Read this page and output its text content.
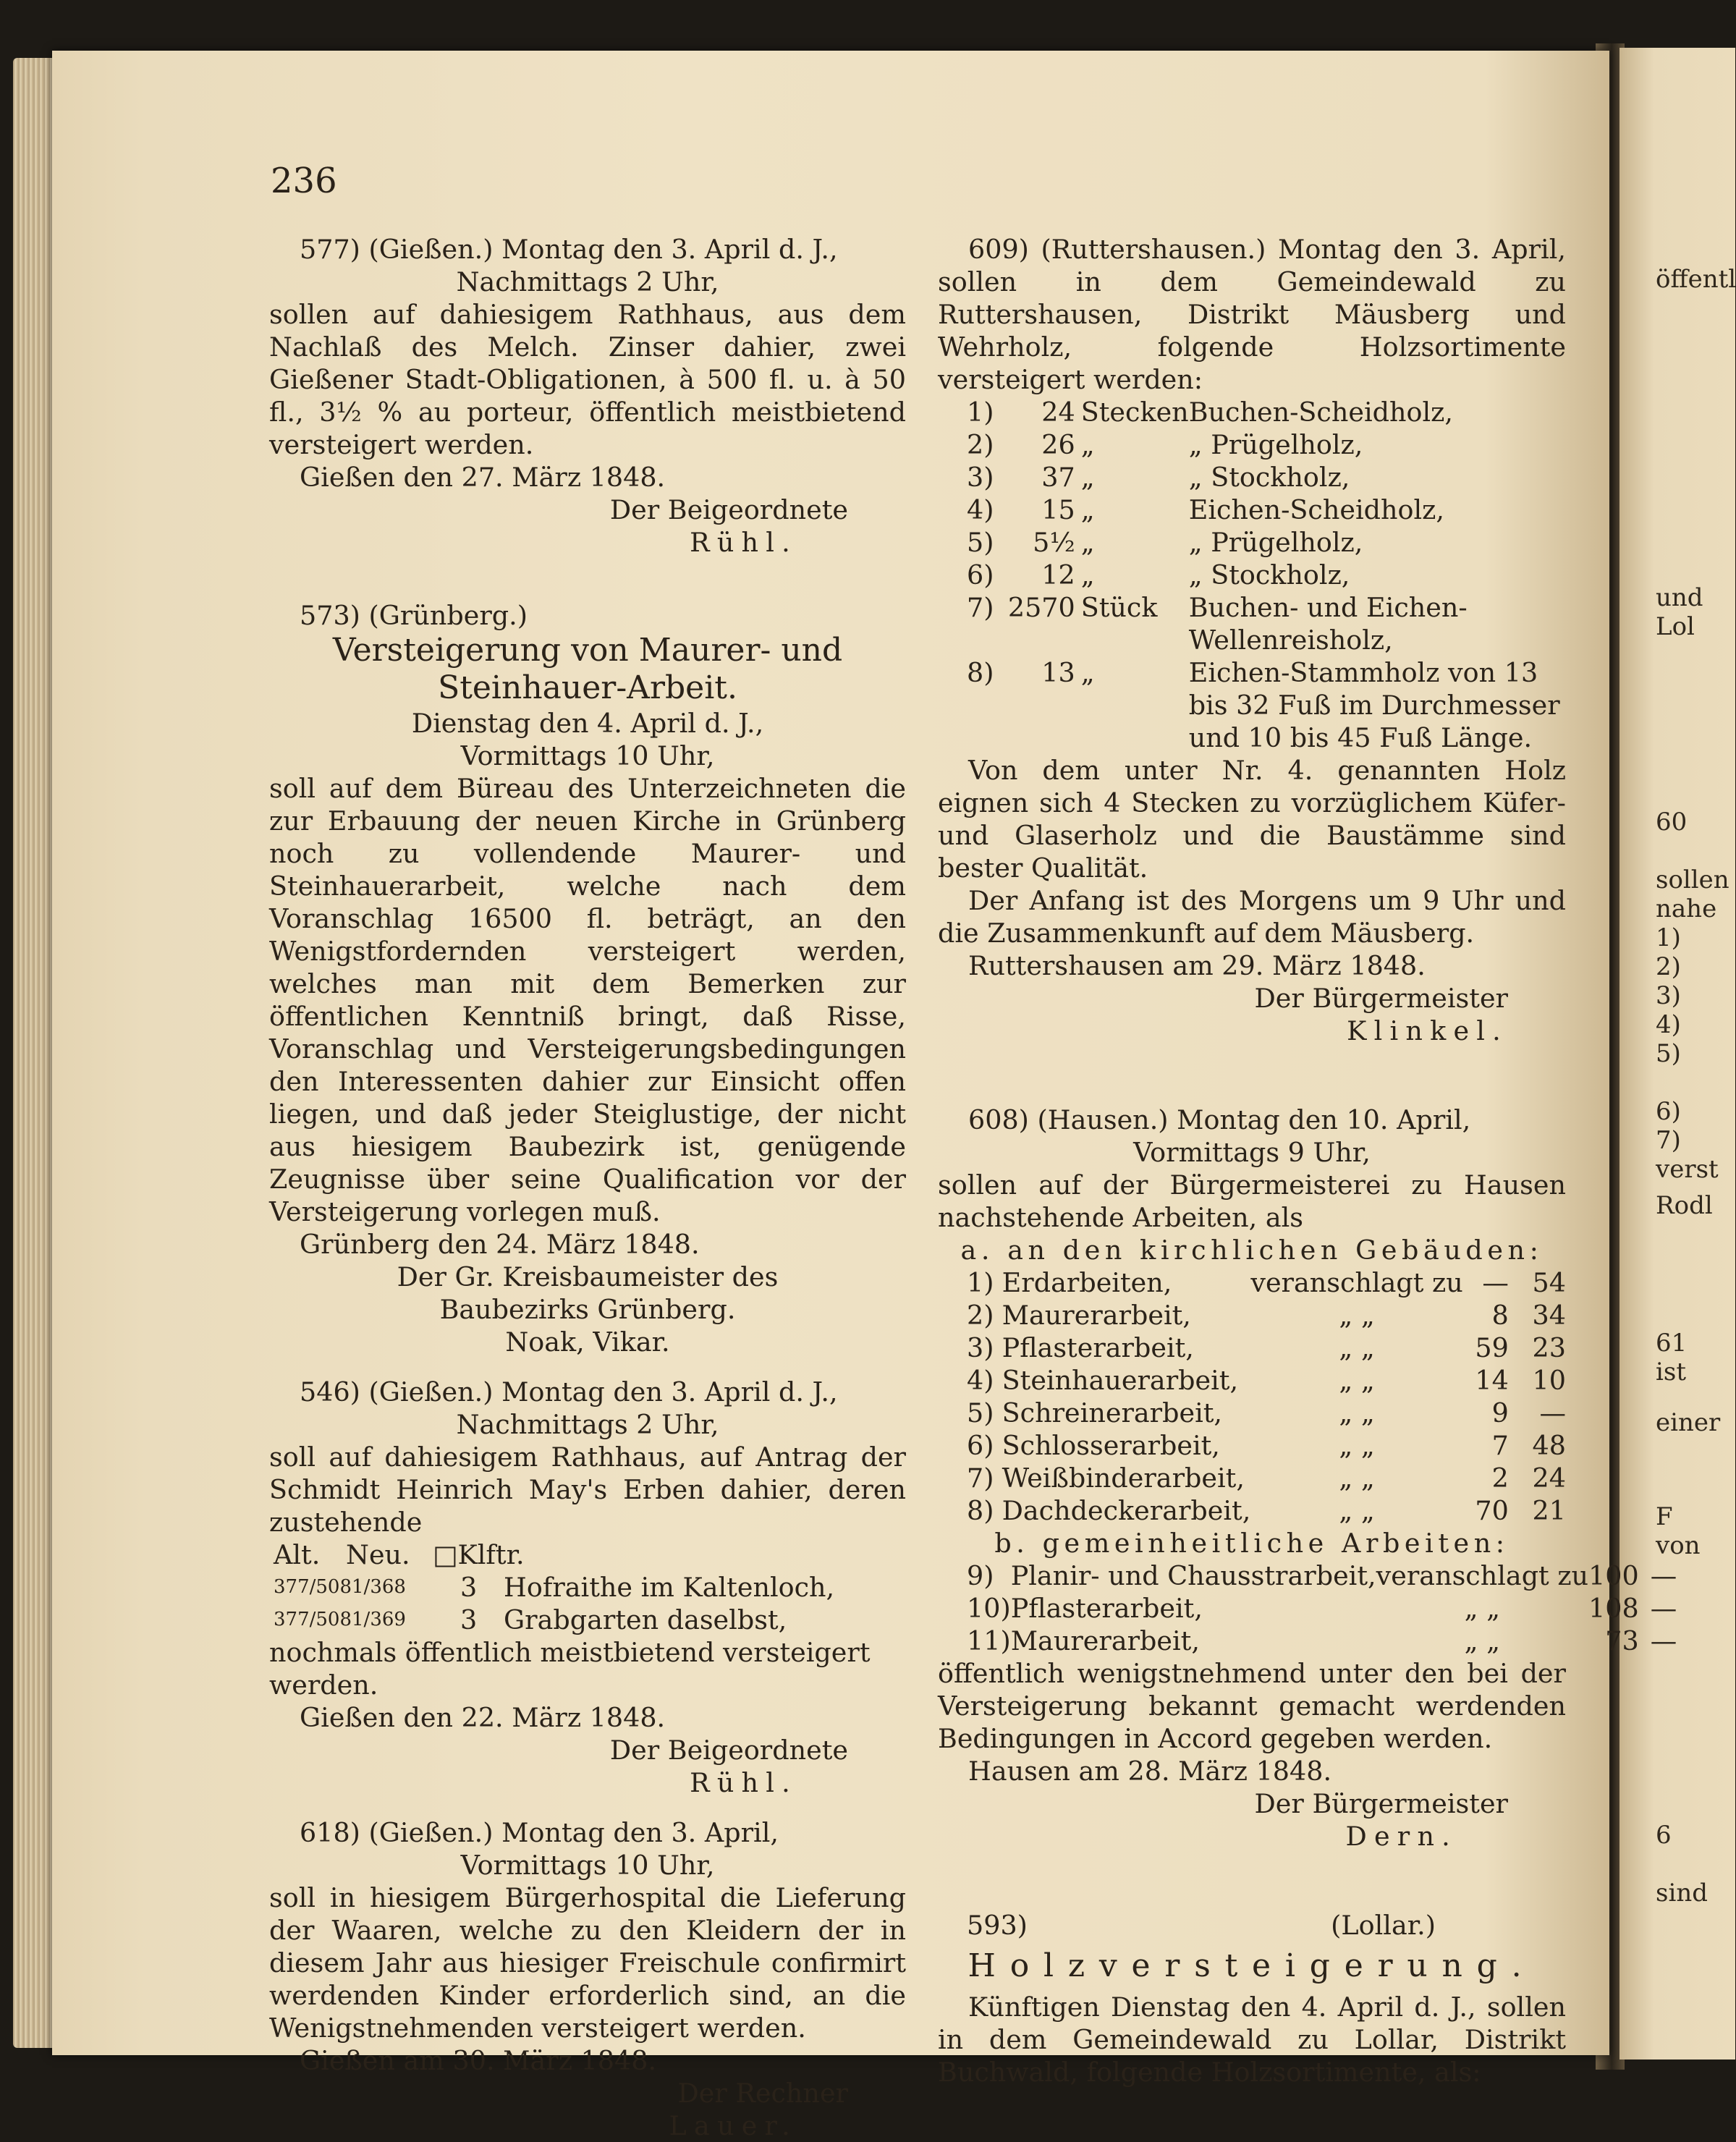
öffentl
und
Lol
60
sollen
nahe
1)
2)
3)
4)
5)
6)
7)
verst
Rodl
61
ist
einer
F
von
6
sind
236

577) (Gießen.) Montag den 3. April d. J.,

Nachmittags 2 Uhr,

sollen auf dahiesigem Rathhaus, aus dem Nachlaß des Melch. Zinser dahier, zwei Gießener Stadt-Obligationen, à 500 fl. u. à 50 fl., 3½ % au porteur, öffentlich meistbietend versteigert werden.

Gießen den 27. März 1848.

Der Beigeordnete

Rühl.

573) (Grünberg.)

Versteigerung von Maurer- und Steinhauer-Arbeit.

Dienstag den 4. April d. J.,

Vormittags 10 Uhr,

soll auf dem Büreau des Unterzeichneten die zur Erbauung der neuen Kirche in Grünberg noch zu vollendende Maurer- und Steinhauerarbeit, welche nach dem Voranschlag 16500 fl. beträgt, an den Wenigstfordernden versteigert werden, welches man mit dem Bemerken zur öffentlichen Kenntniß bringt, daß Risse, Voranschlag und Versteigerungsbedingungen den Interessenten dahier zur Einsicht offen liegen, und daß jeder Steiglustige, der nicht aus hiesigem Baubezirk ist, genügende Zeugnisse über seine Qualification vor der Versteigerung vorlegen muß.

Grünberg den 24. März 1848.

Der Gr. Kreisbaumeister des

Baubezirks Grünberg.

Noak, Vikar.

546) (Gießen.) Montag den 3. April d. J.,

Nachmittags 2 Uhr,

soll auf dahiesigem Rathhaus, auf Antrag der Schmidt Heinrich May's Erben dahier, deren zustehende

Alt.	Neu.	□Klftr.
377/508	1/368	3	Hofraithe im Kaltenloch,
377/508	1/369	3	Grabgarten daselbst,

nochmals öffentlich meistbietend versteigert werden.

Gießen den 22. März 1848.

Der Beigeordnete

Rühl.

618) (Gießen.) Montag den 3. April,

Vormittags 10 Uhr,

soll in hiesigem Bürgerhospital die Lieferung der Waaren, welche zu den Kleidern der in diesem Jahr aus hiesiger Freischule confirmirt werdenden Kinder erforderlich sind, an die Wenigstnehmenden versteigert werden.

Gießen am 30. März 1848.

Der Rechner

Lauer.

609) (Ruttershausen.) Montag den 3. April, sollen in dem Gemeindewald zu Ruttershausen, Distrikt Mäusberg und Wehrholz, folgende Holzsortimente versteigert werden:

1)	24	Stecken	Buchen-Scheidholz,
2)	26	„	„ Prügelholz,
3)	37	„	„ Stockholz,
4)	15	„	Eichen-Scheidholz,
5)	5½	„	„ Prügelholz,
6)	12	„	„ Stockholz,
7)	2570	Stück	Buchen- und Eichen-Wellenreisholz,
8)	13	„	Eichen-Stammholz von 13 bis 32 Fuß im Durchmesser und 10 bis 45 Fuß Länge.

Von dem unter Nr. 4. genannten Holz eignen sich 4 Stecken zu vorzüglichem Küfer- und Glaserholz und die Baustämme sind bester Qualität.

Der Anfang ist des Morgens um 9 Uhr und die Zusammenkunft auf dem Mäusberg.

Ruttershausen am 29. März 1848.

Der Bürgermeister

Klinkel.

608) (Hausen.) Montag den 10. April,

Vormittags 9 Uhr,

sollen auf der Bürgermeisterei zu Hausen nachstehende Arbeiten, als

a. an den kirchlichen Gebäuden:

1)	Erdarbeiten,	veranschlagt zu	—	54
2)	Maurerarbeit,	„ „	8	34
3)	Pflasterarbeit,	„ „	59	23
4)	Steinhauerarbeit,	„ „	14	10
5)	Schreinerarbeit,	„ „	9	—
6)	Schlosserarbeit,	„ „	7	48
7)	Weißbinderarbeit,	„ „	2	24
8)	Dachdeckerarbeit,	„ „	70	21

b. gemeinheitliche Arbeiten:

9)	Planir- und Chausstrarbeit,	veranschlagt zu	100	—
10)	Pflasterarbeit,	„ „	108	—
11)	Maurerarbeit,	„ „	73	—

öffentlich wenigstnehmend unter den bei der Versteigerung bekannt gemacht werdenden Bedingungen in Accord gegeben werden.

Hausen am 28. März 1848.

Der Bürgermeister

Dern.

593)	(Lollar.)

Holzversteigerung.

Künftigen Dienstag den 4. April d. J., sollen in dem Gemeindewald zu Lollar, Distrikt Buchwald, folgende Holzsortimente, als:
